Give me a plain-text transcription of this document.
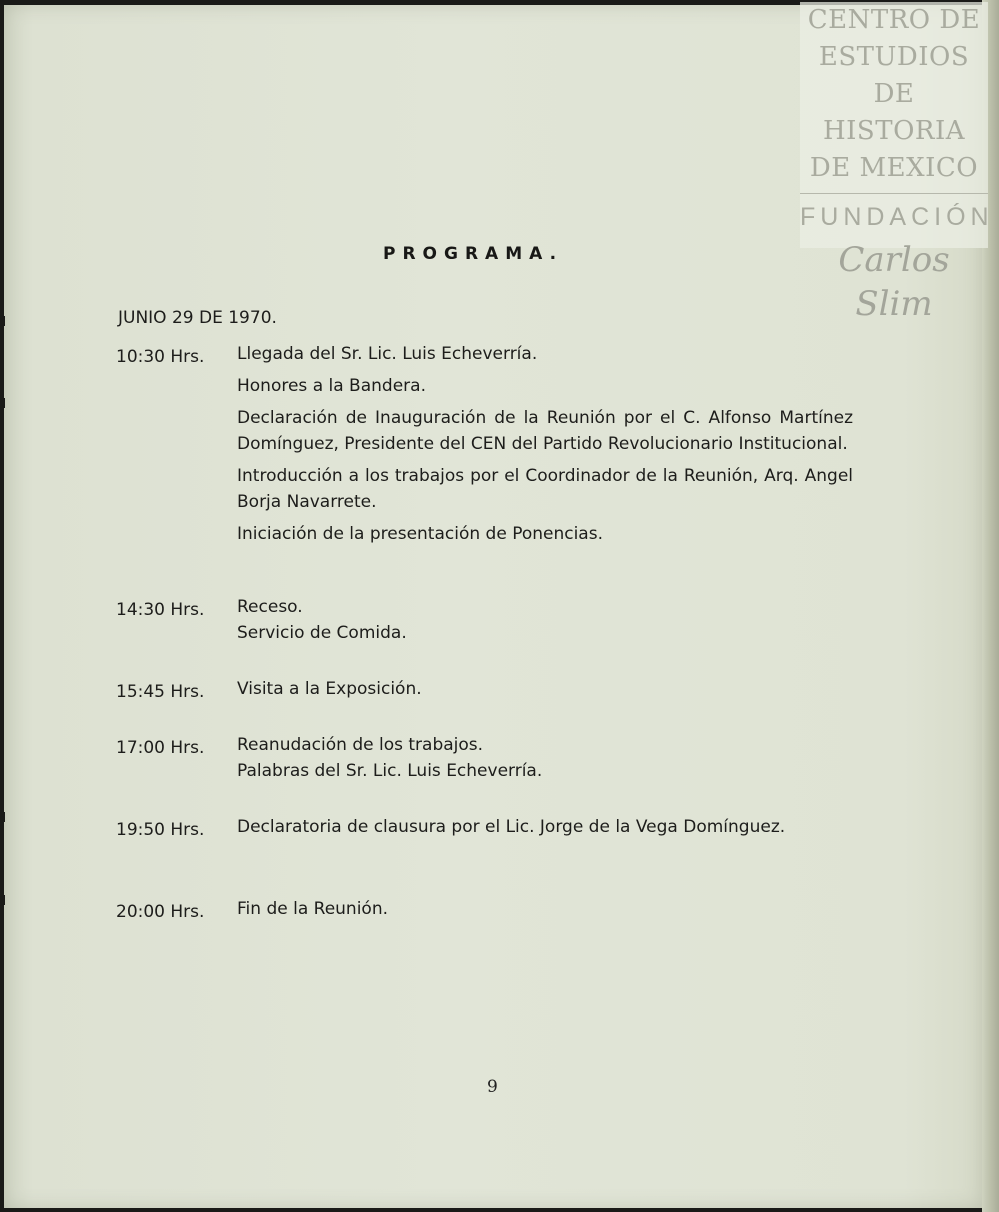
CENTRO DE
ESTUDIOS
DE HISTORIA
DE MEXICO
FUNDACIÓN
Carlos Slim
PROGRAMA.
JUNIO 29 DE 1970.
10:30 Hrs. Llegada del Sr. Lic. Luis Echeverría.

Honores a la Bandera.

Declaración de Inauguración de la Reunión por el C. Alfonso Martínez Domínguez, Presidente del CEN del Partido Revolucionario Institucional.

Introducción a los trabajos por el Coordinador de la Reunión, Arq. Angel Borja Navarrete.

Iniciación de la presentación de Ponencias.

14:30 Hrs. Receso.

Servicio de Comida.

15:45 Hrs. Visita a la Exposición.

17:00 Hrs. Reanudación de los trabajos.

Palabras del Sr. Lic. Luis Echeverría.

19:50 Hrs. Declaratoria de clausura por el Lic. Jorge de la Vega Domínguez.

20:00 Hrs. Fin de la Reunión.

9
